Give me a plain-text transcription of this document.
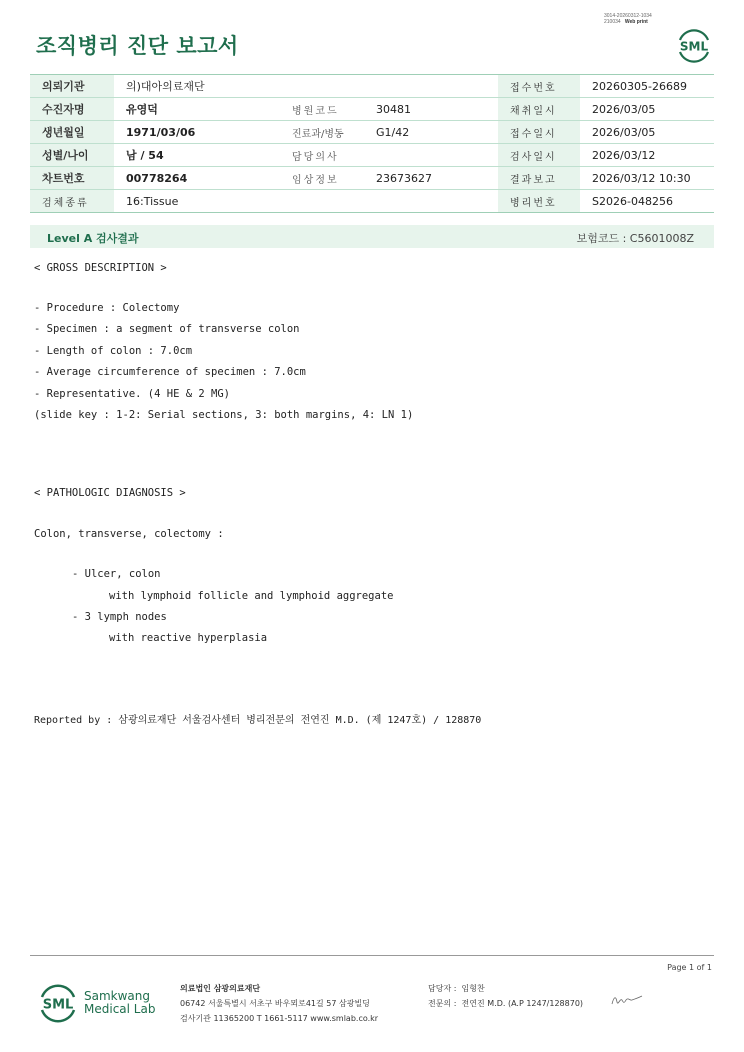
3014-20260312-1034
210034 Web print
조직병리 진단 보고서	SML
의뢰기관	의)대아의료재단			접수번호	20260305-26689
수진자명	유영덕	병원코드	30481	채취일시	2026/03/05
생년월일	1971/03/06	진료과/병동	G1/42	접수일시	2026/03/05
성별/나이	남 / 54	담당의사		검사일시	2026/03/12
차트번호	00778264	임상정보	23673627	결과보고	2026/03/12 10:30
검체종류	16:Tissue			병리번호	S2026-048256
Level A 검사결과	보험코드 : C5601008Z
< GROSS DESCRIPTION >
- Procedure : Colectomy
- Specimen : a segment of transverse colon
- Length of colon : 7.0cm
- Average circumference of specimen : 7.0cm
- Representative. (4 HE & 2 MG)
(slide key : 1-2: Serial sections, 3: both margins, 4: LN 1)
< PATHOLOGIC DIAGNOSIS >
Colon, transverse, colectomy :
- Ulcer, colon
with lymphoid follicle and lymphoid aggregate
- 3 lymph nodes
with reactive hyperplasia
Reported by : 삼광의료재단 서울검사센터 병리전문의 전연진 M.D. (제 1247호) / 128870
Page 1 of 1
SML
Samkwang
Medical Lab
의료법인 삼광의료재단
06742 서울특별시 서초구 바우뫼로41길 57 삼광빌딩
검사기관 11365200 T 1661-5117 www.smlab.co.kr
담당자 : 임형찬
전문의 : 전연진 M.D. (A.P 1247/128870)
